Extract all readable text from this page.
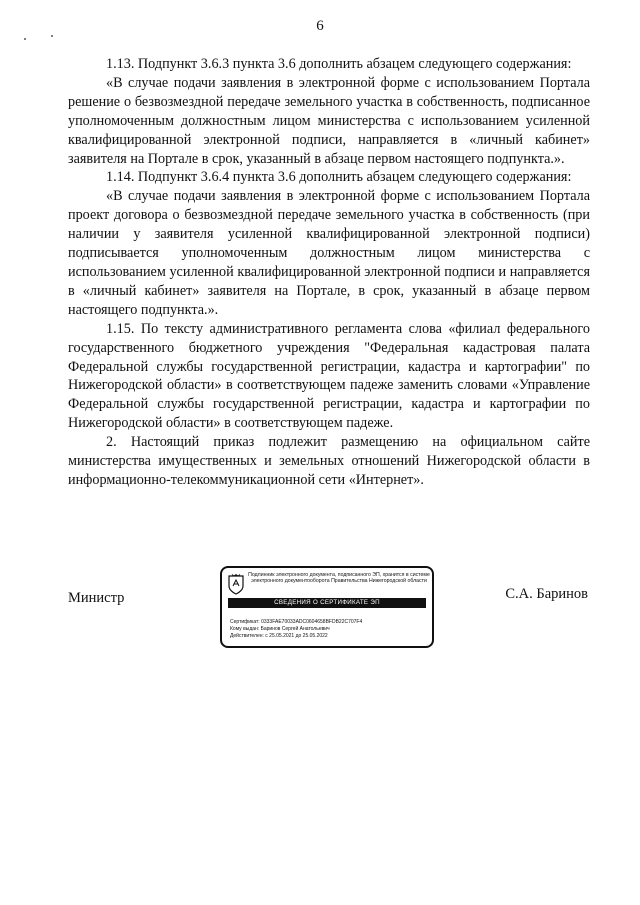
6

1.13. Подпункт 3.6.3 пункта 3.6 дополнить абзацем следующего содержания:

«В случае подачи заявления в электронной форме с использованием Портала решение о безвозмездной передаче земельного участка в собственность, подписанное уполномоченным должностным лицом министерства с использованием усиленной квалифицированной электронной подписи, направляется в «личный кабинет» заявителя на Портале в срок, указанный в абзаце первом настоящего подпункта.».

1.14. Подпункт 3.6.4 пункта 3.6 дополнить абзацем следующего содержания:

«В случае подачи заявления в электронной форме с использованием Портала проект договора о безвозмездной передаче земельного участка в собственность (при наличии у заявителя усиленной квалифицированной электронной подписи) подписывается уполномоченным должностным лицом министерства с использованием усиленной квалифицированной электронной подписи и направляется в «личный кабинет» заявителя на Портале, в срок, указанный в абзаце первом настоящего подпункта.».

1.15. По тексту административного регламента слова «филиал федерального государственного бюджетного учреждения "Федеральная кадастровая палата Федеральной службы государственной регистрации, кадастра и картографии" по Нижегородской области» в соответствующем падеже заменить словами «Управление Федеральной службы государственной регистрации, кадастра и картографии по Нижегородской области» в соответствующем падеже.

2. Настоящий приказ подлежит размещению на официальном сайте министерства имущественных и земельных отношений Нижегородской области в информационно-телекоммуникационной сети «Интернет».

Министр
Подлинник электронного документа, подписанного ЭП, хранится в системе электронного документооборота Правительства Нижегородской области
СВЕДЕНИЯ О СЕРТИФИКАТЕ ЭП
Сертификат: 0333FAE70033ADC0604658BFDB22C707F4
Кому выдан: Баринов Сергей Анатольевич
Действителен: с 25.05.2021 до 25.05.2022
С.А. Баринов
